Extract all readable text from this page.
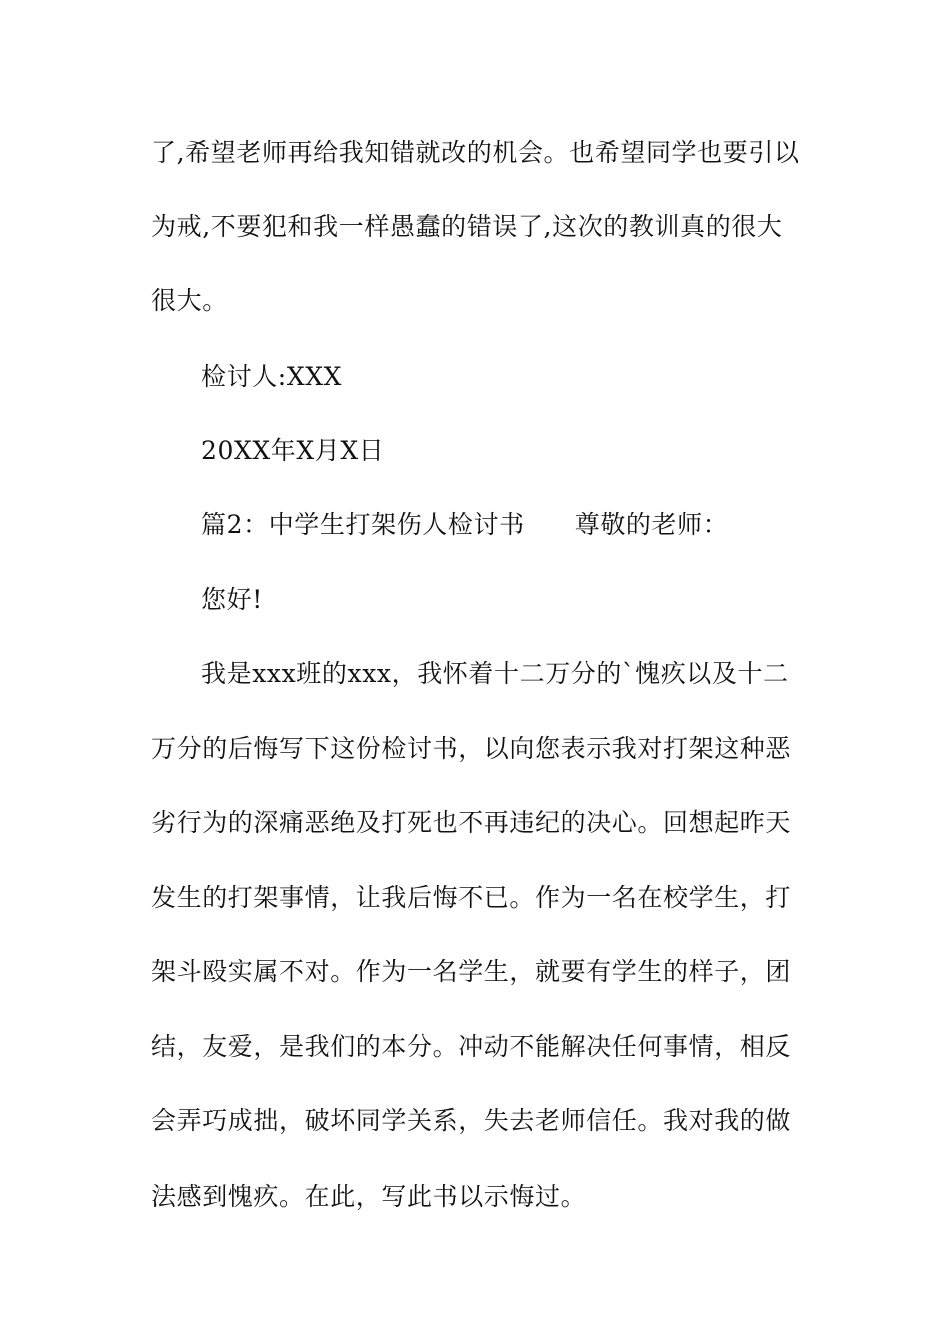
了,希望老师再给我知错就改的机会。也希望同学也要引以
为戒,不要犯和我一样愚蠢的错误了,这次的教训真的很大
很大。
检讨人:XXX
20XX年X月X日
篇2：中学生打架伤人检讨书 尊敬的老师：
您好!
我是xxx班的xxx，我怀着十二万分的`愧疚以及十二
万分的后悔写下这份检讨书，以向您表示我对打架这种恶
劣行为的深痛恶绝及打死也不再违纪的决心。回想起昨天
发生的打架事情，让我后悔不已。作为一名在校学生，打
架斗殴实属不对。作为一名学生，就要有学生的样子，团
结，友爱，是我们的本分。冲动不能解决任何事情，相反
会弄巧成拙，破坏同学关系，失去老师信任。我对我的做
法感到愧疚。在此，写此书以示悔过。
